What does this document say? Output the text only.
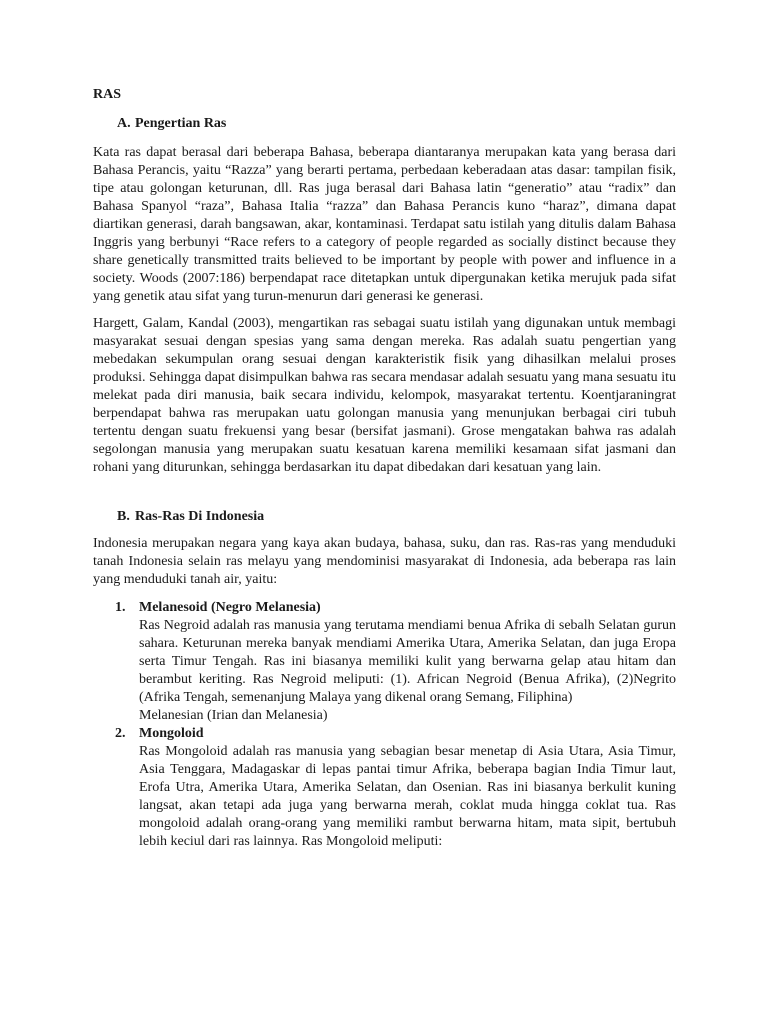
RAS

A. Pengertian Ras

Kata ras dapat berasal dari beberapa Bahasa, beberapa diantaranya merupakan kata yang berasa dari Bahasa Perancis, yaitu “Razza” yang berarti pertama, perbedaan keberadaan atas dasar: tampilan fisik, tipe atau golongan keturunan, dll. Ras juga berasal dari Bahasa latin “generatio” atau “radix” dan Bahasa Spanyol “raza”, Bahasa Italia “razza” dan Bahasa Perancis kuno “haraz”, dimana dapat diartikan generasi, darah bangsawan, akar, kontaminasi. Terdapat satu istilah yang ditulis dalam Bahasa Inggris yang berbunyi “Race refers to a category of people regarded as socially distinct because they share genetically transmitted traits believed to be important by people with power and influence in a society. Woods (2007:186) berpendapat race ditetapkan untuk dipergunakan ketika merujuk pada sifat yang genetik atau sifat yang turun-menurun dari generasi ke generasi.

Hargett, Galam, Kandal (2003), mengartikan ras sebagai suatu istilah yang digunakan untuk membagi masyarakat sesuai dengan spesias yang sama dengan mereka. Ras adalah suatu pengertian yang mebedakan sekumpulan orang sesuai dengan karakteristik fisik yang dihasilkan melalui proses produksi. Sehingga dapat disimpulkan bahwa ras secara mendasar adalah sesuatu yang mana sesuatu itu melekat pada diri manusia, baik secara individu, kelompok, masyarakat tertentu. Koentjaraningrat berpendapat bahwa ras merupakan uatu golongan manusia yang menunjukan berbagai ciri tubuh tertentu dengan suatu frekuensi yang besar (bersifat jasmani). Grose mengatakan bahwa ras adalah segolongan manusia yang merupakan suatu kesatuan karena memiliki kesamaan sifat jasmani dan rohani yang diturunkan, sehingga berdasarkan itu dapat dibedakan dari kesatuan yang lain.

B. Ras-Ras Di Indonesia

Indonesia merupakan negara yang kaya akan budaya, bahasa, suku, dan ras. Ras-ras yang menduduki tanah Indonesia selain ras melayu yang mendominisi masyarakat di Indonesia, ada beberapa ras lain yang menduduki tanah air, yaitu:

1. Melanesoid (Negro Melanesia)

Ras Negroid adalah ras manusia yang terutama mendiami benua Afrika di sebalh Selatan gurun sahara. Keturunan mereka banyak mendiami Amerika Utara, Amerika Selatan, dan juga Eropa serta Timur Tengah. Ras ini biasanya memiliki kulit yang berwarna gelap atau hitam dan berambut keriting. Ras Negroid meliputi: (1). African Negroid (Benua Afrika), (2)Negrito (Afrika Tengah, semenanjung Malaya yang dikenal orang Semang, Filiphina)

Melanesian (Irian dan Melanesia)

2. Mongoloid

Ras Mongoloid adalah ras manusia yang sebagian besar menetap di Asia Utara, Asia Timur, Asia Tenggara, Madagaskar di lepas pantai timur Afrika, beberapa bagian India Timur laut, Erofa Utra, Amerika Utara, Amerika Selatan, dan Osenian. Ras ini biasanya berkulit kuning langsat, akan tetapi ada juga yang berwarna merah, coklat muda hingga coklat tua. Ras mongoloid adalah orang-orang yang memiliki rambut berwarna hitam, mata sipit, bertubuh lebih keciul dari ras lainnya. Ras Mongoloid meliputi:
